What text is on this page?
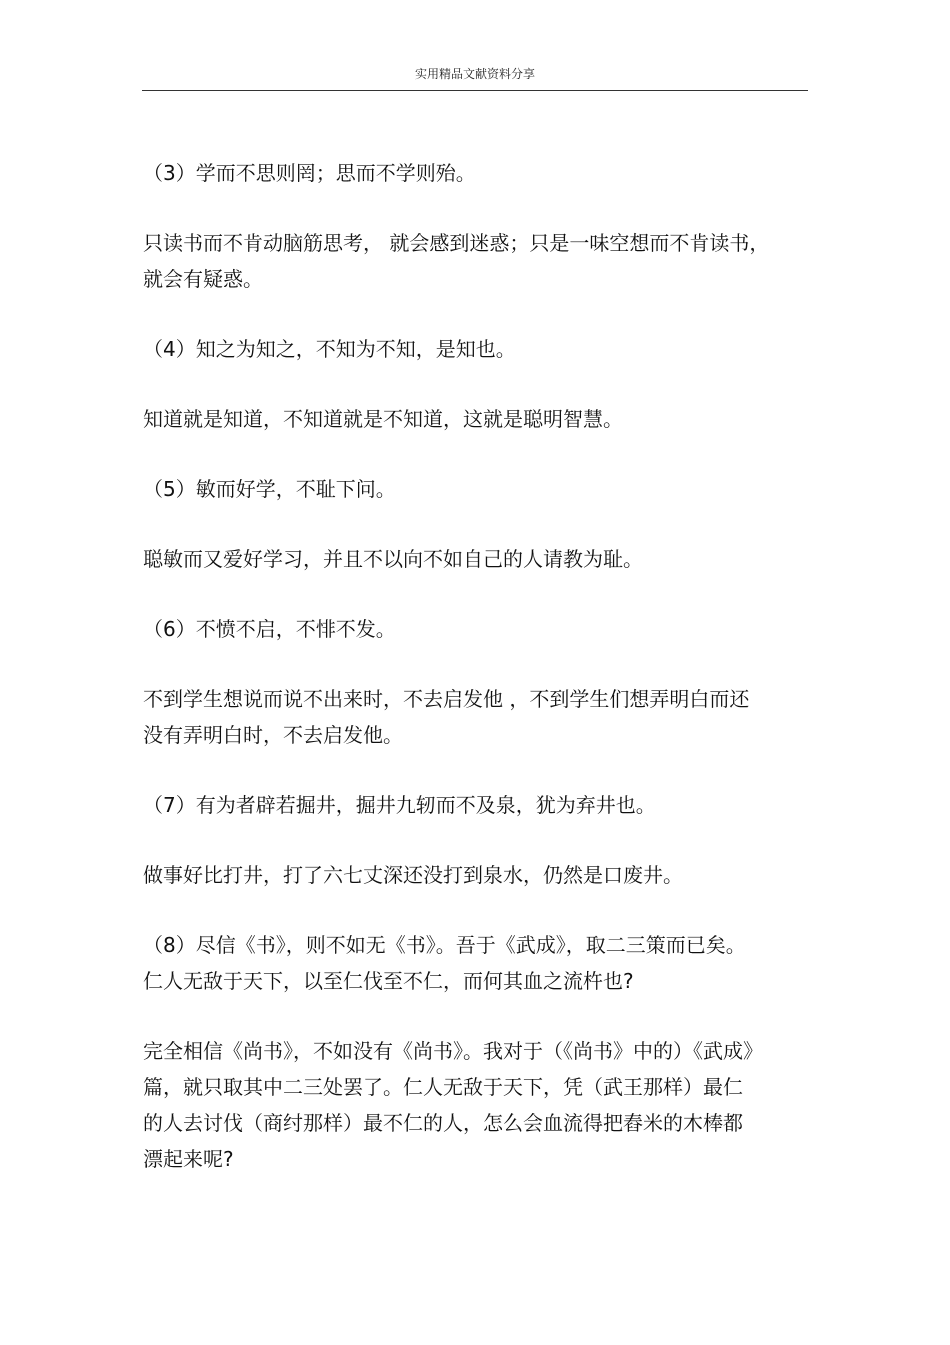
实用精品文献资料分享

（3）学而不思则罔；思而不学则殆。

只读书而不肯动脑筋思考， 就会感到迷惑；只是一味空想而不肯读书，
就会有疑惑。

（4）知之为知之，不知为不知，是知也。

知道就是知道，不知道就是不知道，这就是聪明智慧。

（5）敏而好学，不耻下问。

聪敏而又爱好学习，并且不以向不如自己的人请教为耻。

（6）不愤不启，不悱不发。

不到学生想说而说不出来时，不去启发他 ，不到学生们想弄明白而还
没有弄明白时，不去启发他。

（7）有为者辟若掘井，掘井九轫而不及泉，犹为弃井也。

做事好比打井，打了六七丈深还没打到泉水，仍然是口废井。

（8）尽信《书》，则不如无《书》。吾于《武成》，取二三策而已矣。
仁人无敌于天下，以至仁伐至不仁，而何其血之流杵也?

完全相信《尚书》，不如没有《尚书》。我对于（《尚书》中的）《武成》
篇，就只取其中二三处罢了。仁人无敌于天下，凭（武王那样）最仁
的人去讨伐（商纣那样）最不仁的人，怎么会血流得把舂米的木棒都
漂起来呢?
